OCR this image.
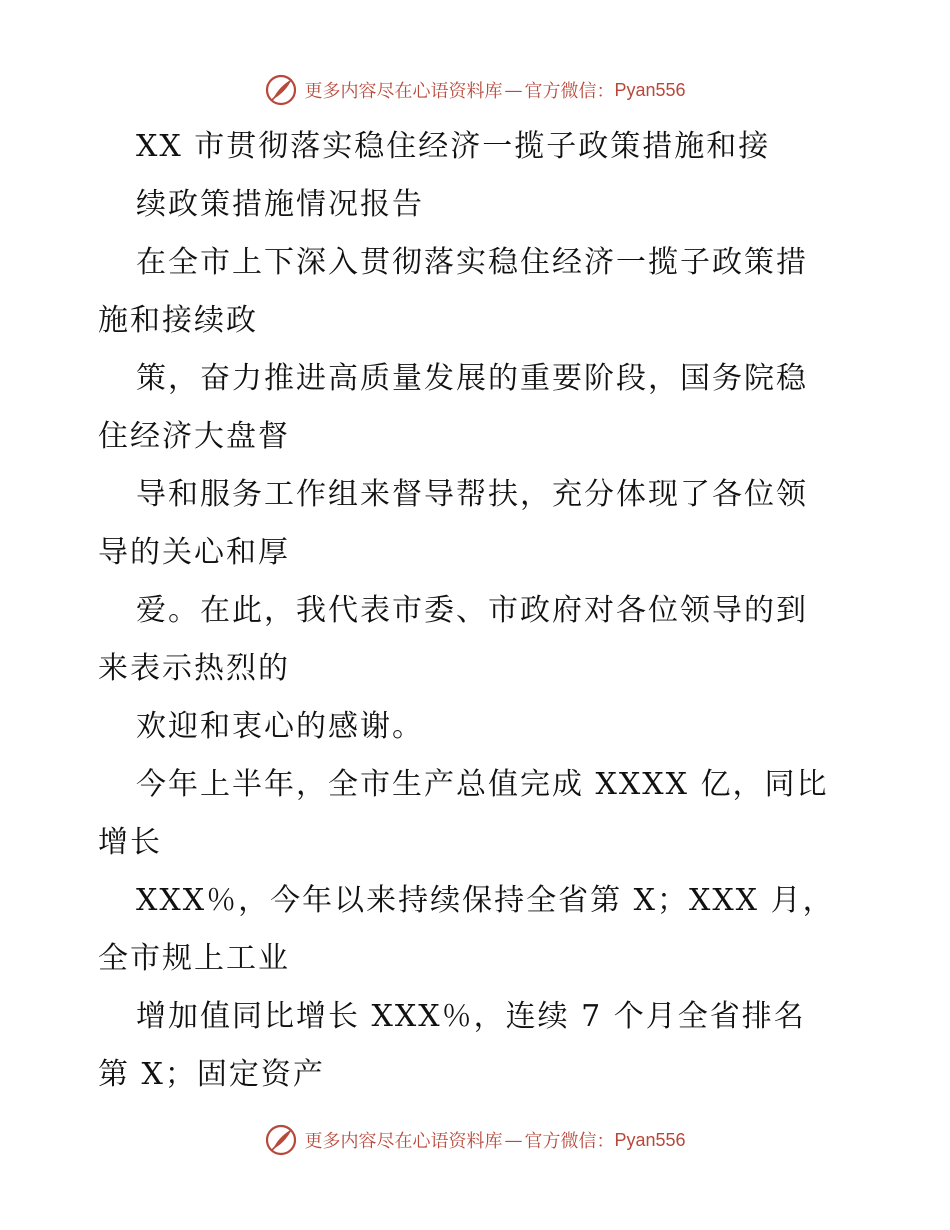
更多内容尽在心语资料库 — 官方微信： Pyan556
XX 市贯彻落实稳住经济一揽子政策措施和接
续政策措施情况报告
在全市上下深入贯彻落实稳住经济一揽子政策措
施和接续政
策，奋力推进高质量发展的重要阶段，国务院稳
住经济大盘督
导和服务工作组来督导帮扶，充分体现了各位领
导的关心和厚
爱。在此，我代表市委、市政府对各位领导的到
来表示热烈的
欢迎和衷心的感谢。
今年上半年，全市生产总值完成 XXXX 亿，同比
增长
XXX％，今年以来持续保持全省第 X；XXX 月，
全市规上工业
增加值同比增长 XXX％，连续 7 个月全省排名
第 X；固定资产
更多内容尽在心语资料库 — 官方微信： Pyan556
